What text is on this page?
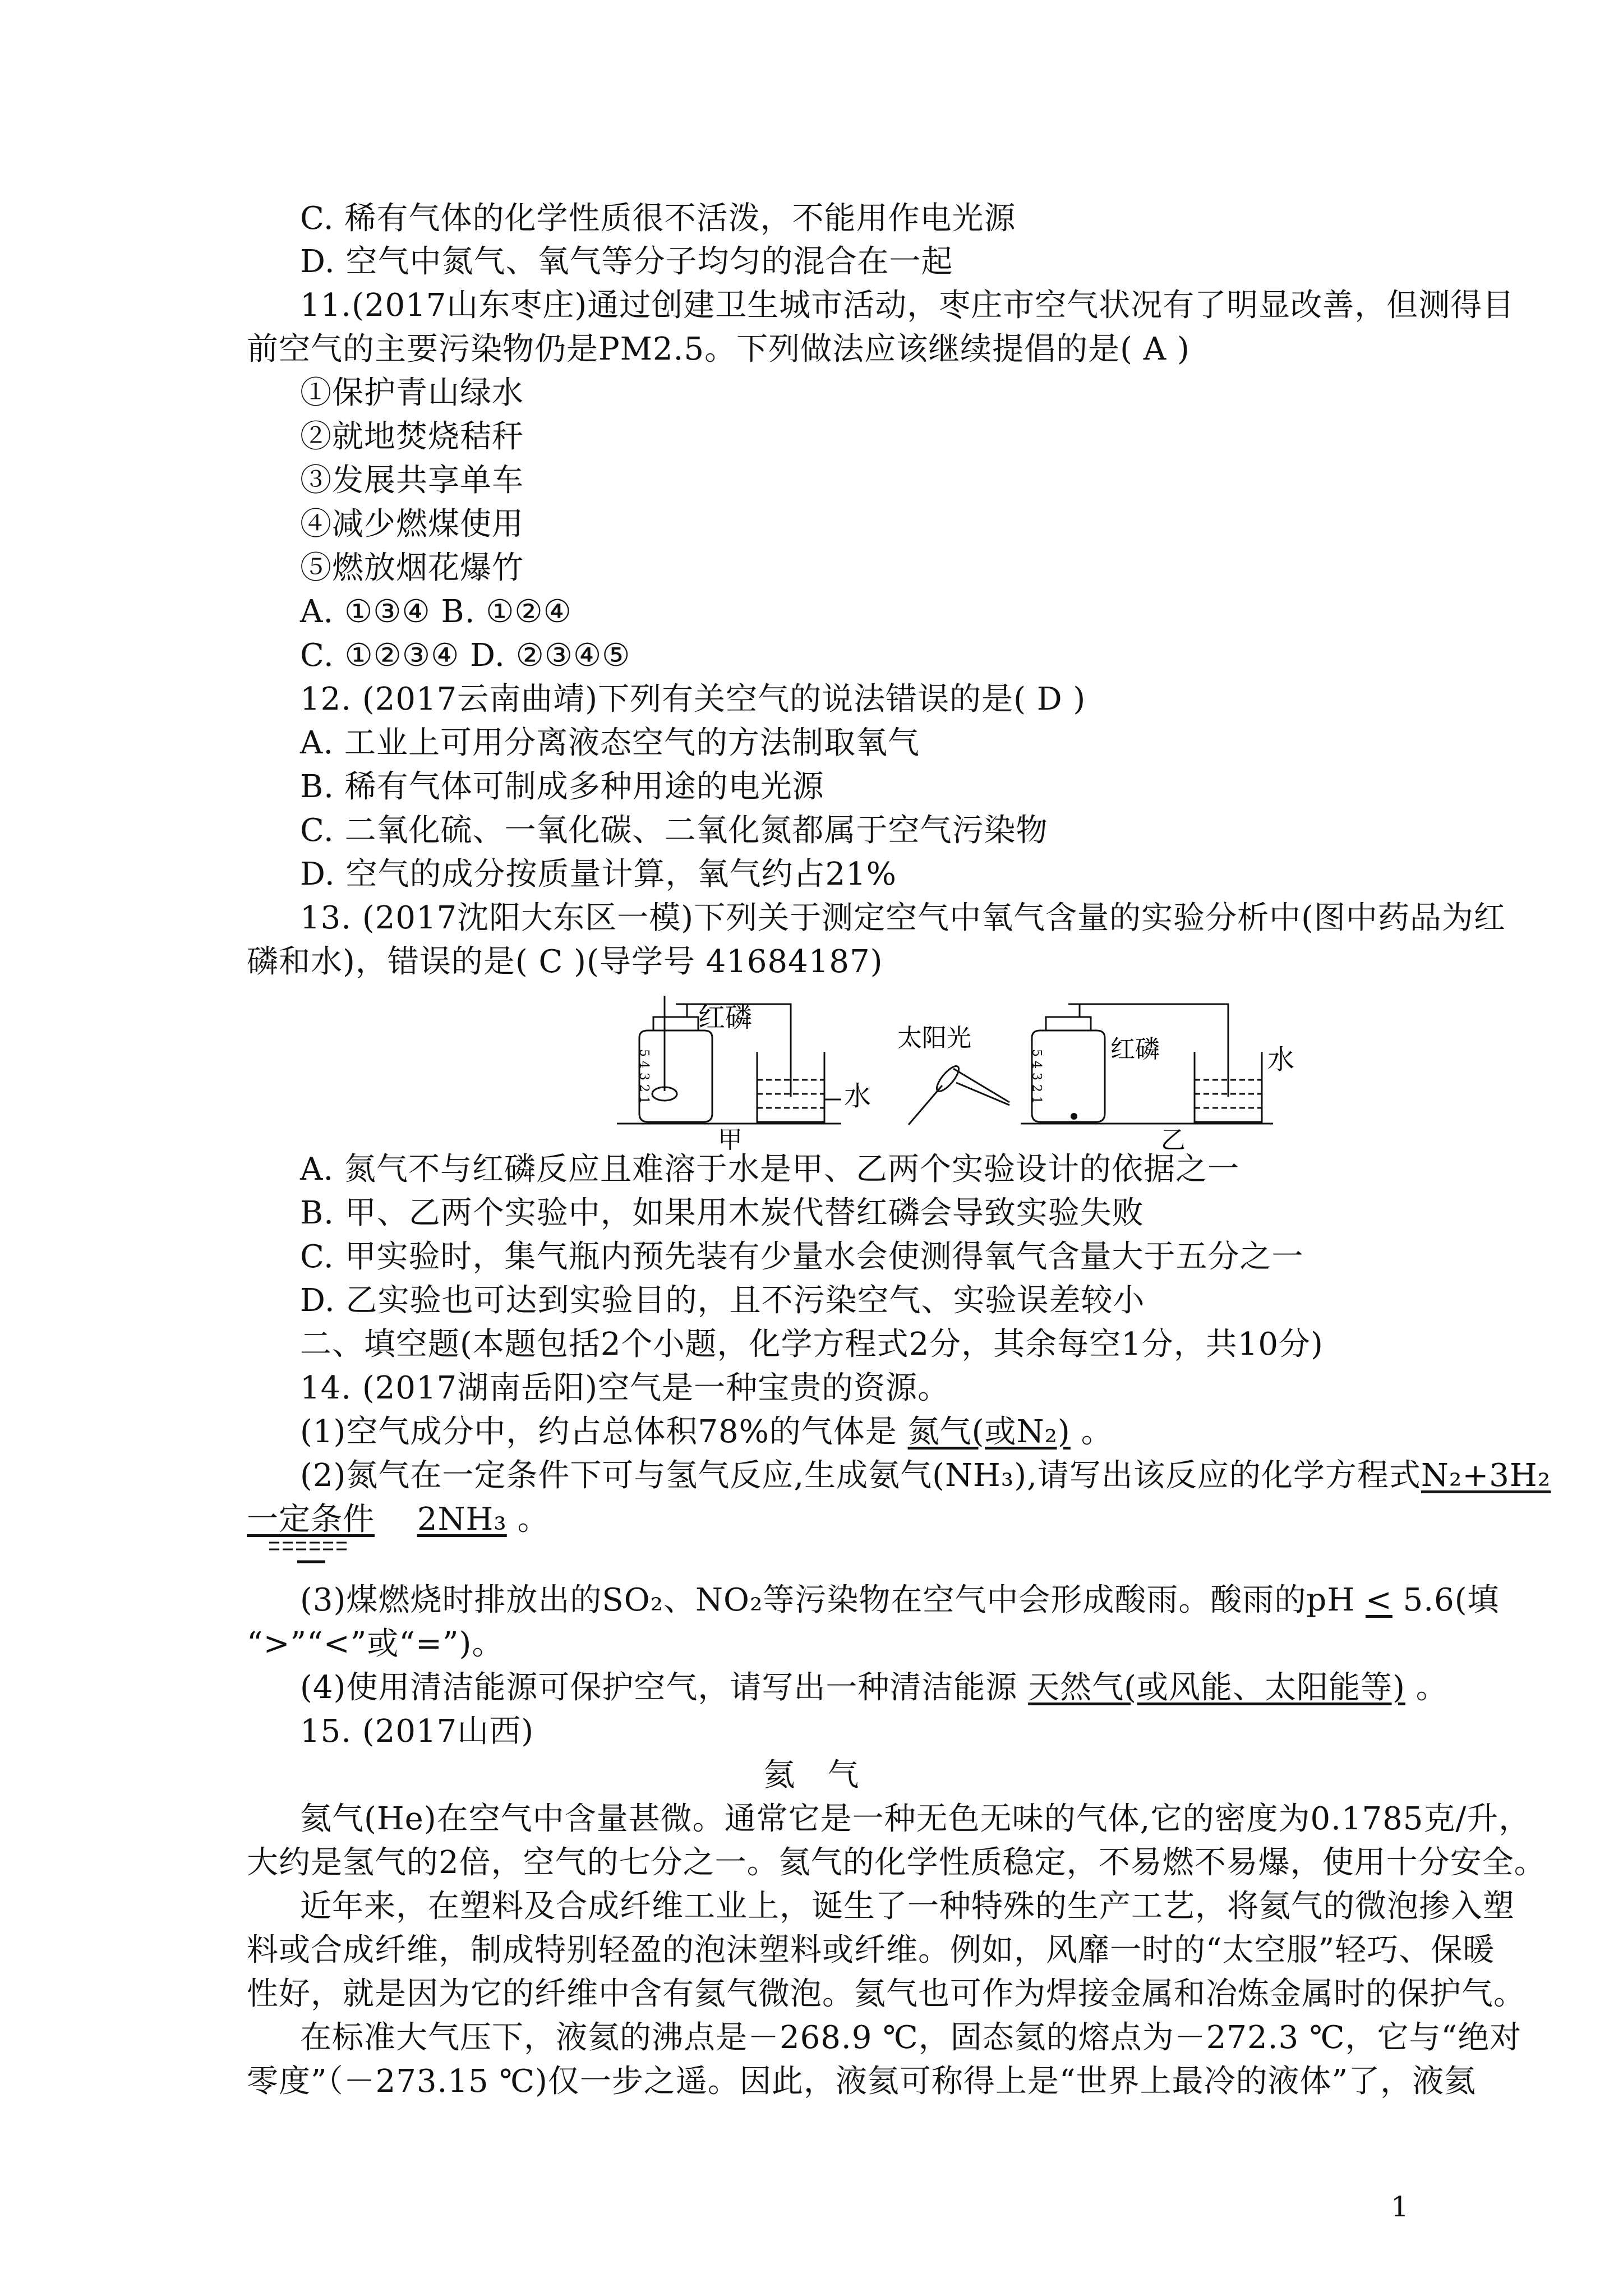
C. 稀有气体的化学性质很不活泼，不能用作电光源
D. 空气中氮气、氧气等分子均匀的混合在一起
11.(2017山东枣庄)通过创建卫生城市活动，枣庄市空气状况有了明显改善，但测得目
前空气的主要污染物仍是PM2.5。下列做法应该继续提倡的是( A )
①保护青山绿水
②就地焚烧秸秆
③发展共享单车
④减少燃煤使用
⑤燃放烟花爆竹
A. ①③④ B. ①②④
C. ①②③④ D. ②③④⑤
12. (2017云南曲靖)下列有关空气的说法错误的是( D )
A. 工业上可用分离液态空气的方法制取氧气
B. 稀有气体可制成多种用途的电光源
C. 二氧化硫、一氧化碳、二氧化氮都属于空气污染物
D. 空气的成分按质量计算，氧气约占21%
13. (2017沈阳大东区一模)下列关于测定空气中氧气含量的实验分析中(图中药品为红
磷和水)，错误的是( C )(导学号 41684187)
红磷
5 4 3 2 1	水
甲
太阳光	红磷
5 4 3 2 1	水
乙
A. 氮气不与红磷反应且难溶于水是甲、乙两个实验设计的依据之一
B. 甲、乙两个实验中，如果用木炭代替红磷会导致实验失败
C. 甲实验时，集气瓶内预先装有少量水会使测得氧气含量大于五分之一
D. 乙实验也可达到实验目的，且不污染空气、实验误差较小
二、填空题(本题包括2个小题，化学方程式2分，其余每空1分，共10分)
14. (2017湖南岳阳)空气是一种宝贵的资源。
(1)空气成分中，约占总体积78%的气体是 氮气(或N₂) 。
(2)氮气在一定条件下可与氢气反应,生成氨气(NH₃),请写出该反应的化学方程式N₂+3H₂
一定条件   2NH₃ 。
(3)煤燃烧时排放出的SO₂、NO₂等污染物在空气中会形成酸雨。酸雨的pH < 5.6(填
“>”“<”或“=”)。
(4)使用清洁能源可保护空气，请写出一种清洁能源 天然气(或风能、太阳能等) 。
15. (2017山西)
氦　气
氦气(He)在空气中含量甚微。通常它是一种无色无味的气体,它的密度为0.1785克/升，
大约是氢气的2倍，空气的七分之一。氦气的化学性质稳定，不易燃不易爆，使用十分安全。
近年来，在塑料及合成纤维工业上，诞生了一种特殊的生产工艺，将氦气的微泡掺入塑
料或合成纤维，制成特别轻盈的泡沫塑料或纤维。例如，风靡一时的“太空服”轻巧、保暖
性好，就是因为它的纤维中含有氦气微泡。氦气也可作为焊接金属和冶炼金属时的保护气。
在标准大气压下，液氦的沸点是－268.9 ℃，固态氦的熔点为－272.3 ℃，它与“绝对
零度”（－273.15 ℃)仅一步之遥。因此，液氦可称得上是“世界上最冷的液体”了，液氦
1
